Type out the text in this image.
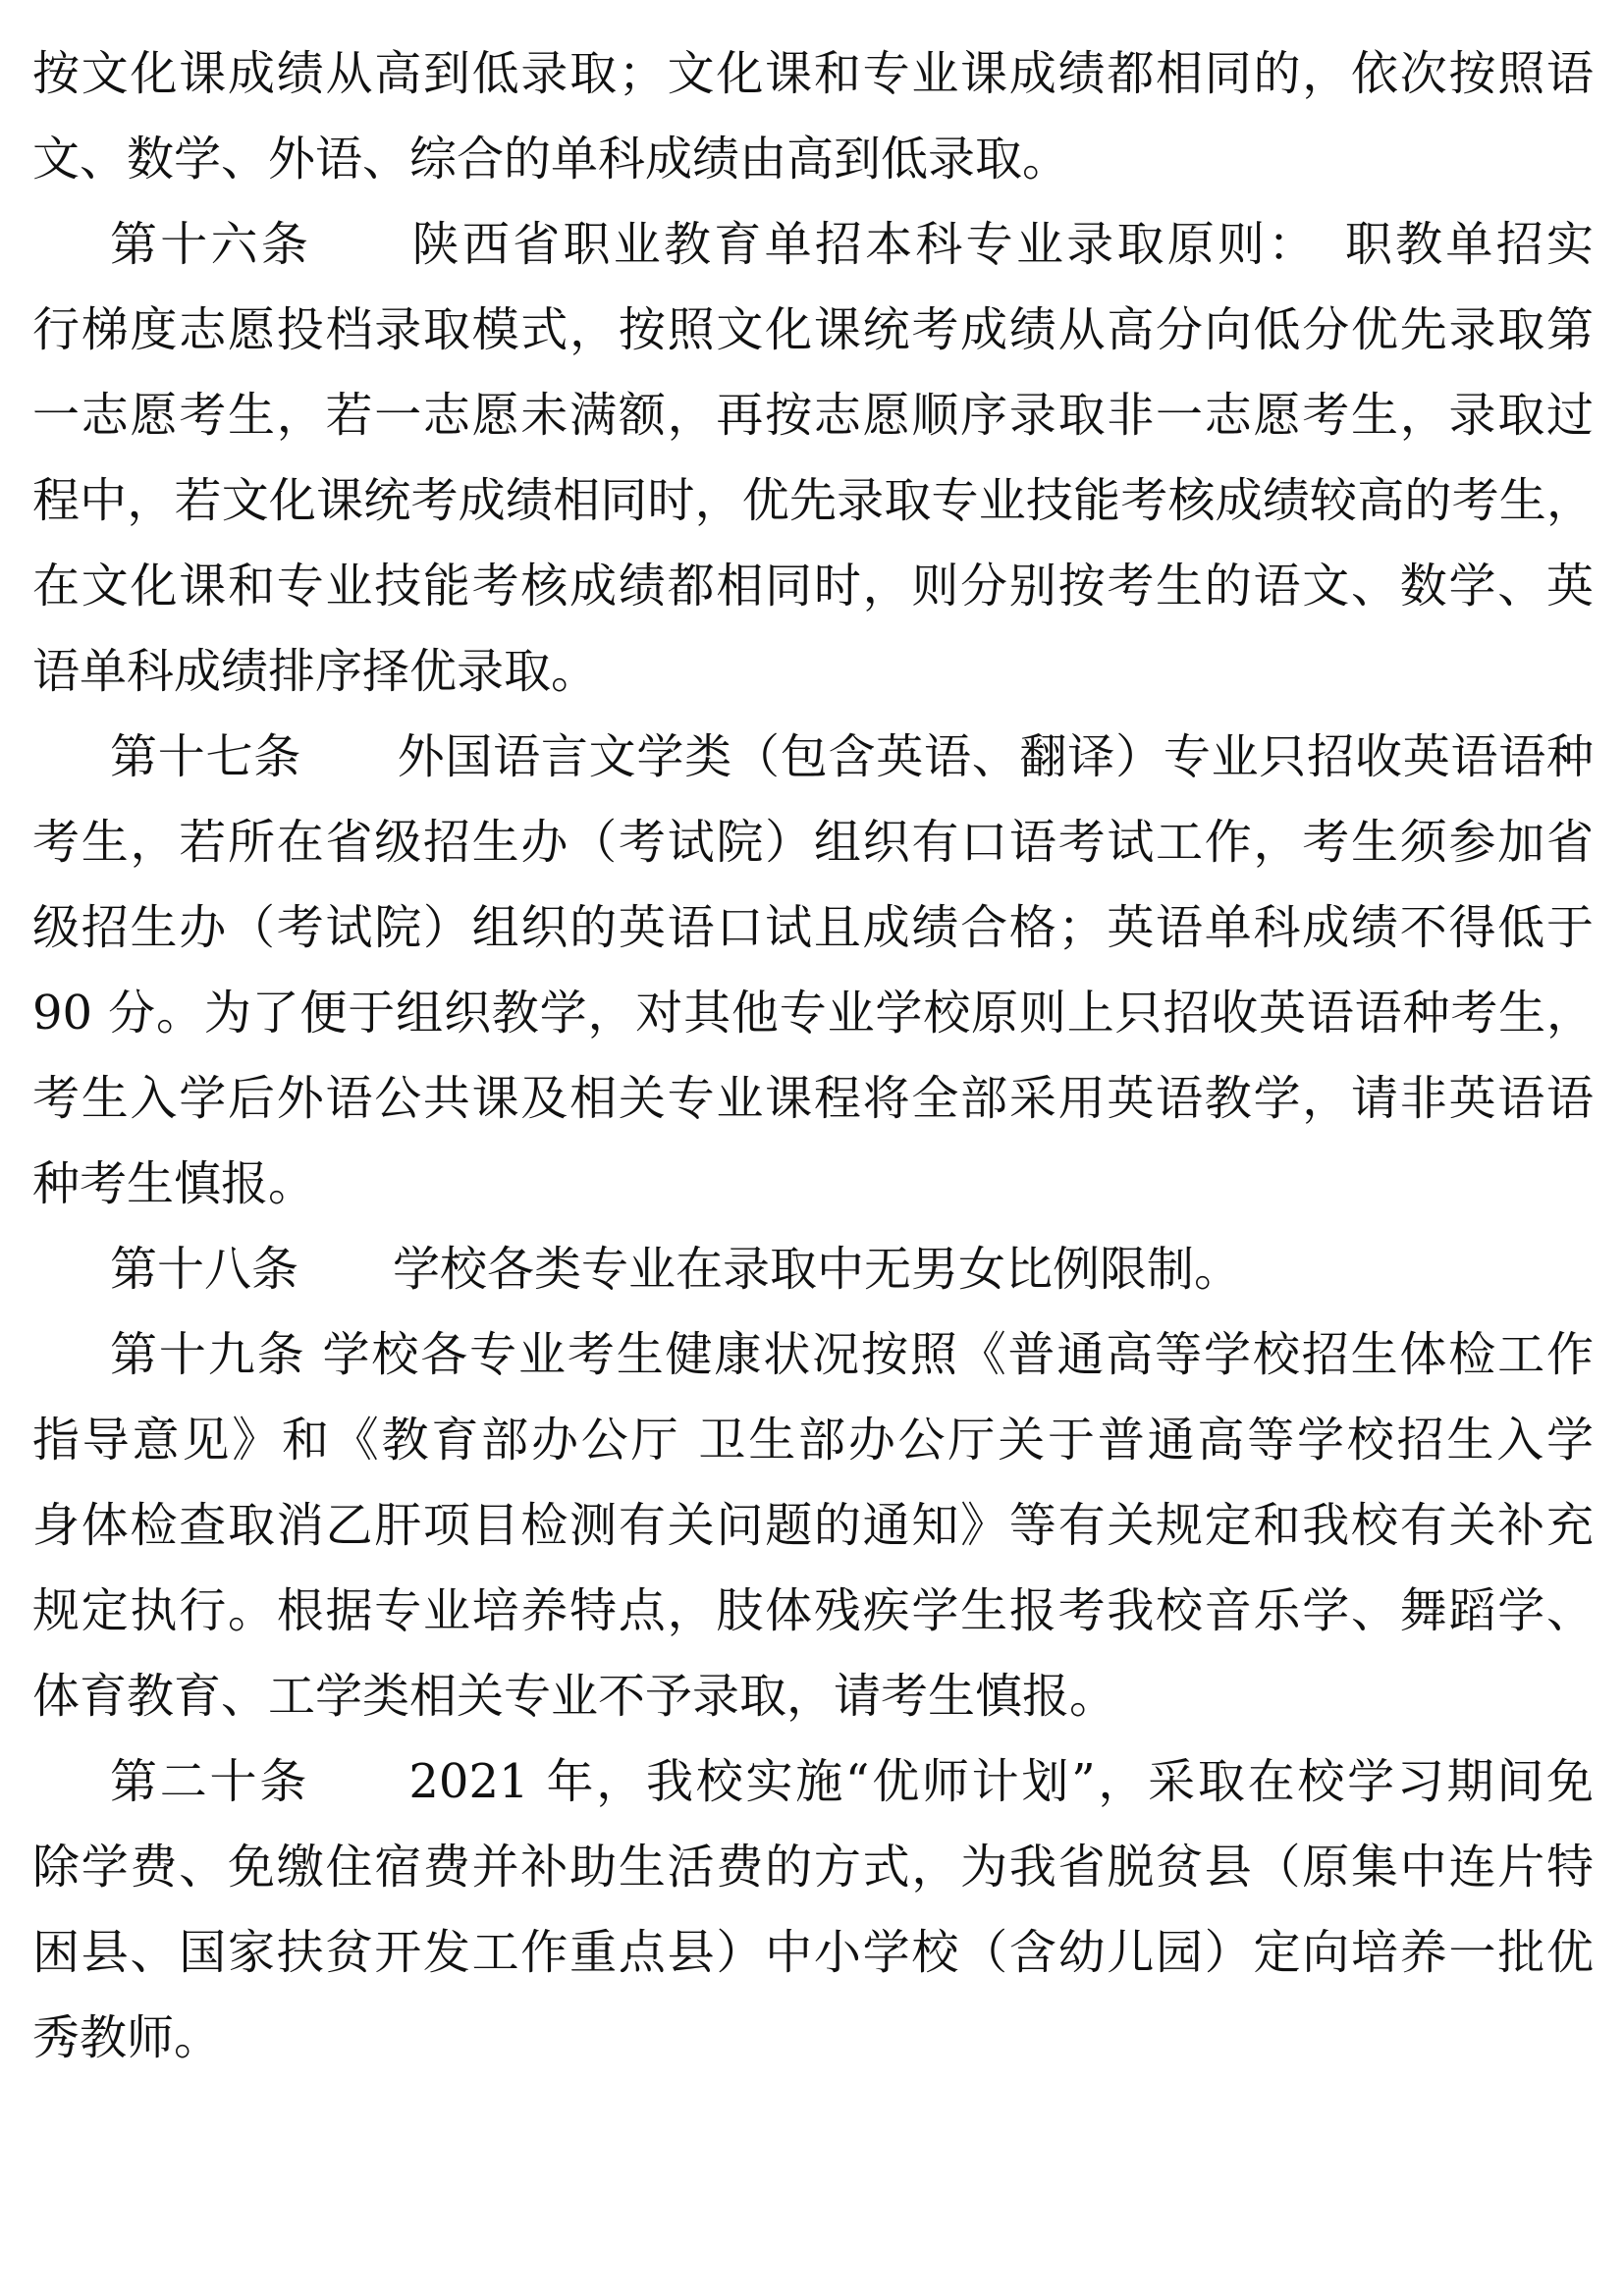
按文化课成绩从高到低录取；文化课和专业课成绩都相同的，依次按照语
文、数学、外语、综合的单科成绩由高到低录取。
第十六条　　陕西省职业教育单招本科专业录取原则：　职教单招实
行梯度志愿投档录取模式，按照文化课统考成绩从高分向低分优先录取第
一志愿考生，若一志愿未满额，再按志愿顺序录取非一志愿考生，录取过
程中，若文化课统考成绩相同时，优先录取专业技能考核成绩较高的考生，
在文化课和专业技能考核成绩都相同时，则分别按考生的语文、数学、英
语单科成绩排序择优录取。
第十七条　　外国语言文学类（包含英语、翻译）专业只招收英语语种
考生，若所在省级招生办（考试院）组织有口语考试工作，考生须参加省
级招生办（考试院）组织的英语口试且成绩合格；英语单科成绩不得低于
90 分。为了便于组织教学，对其他专业学校原则上只招收英语语种考生，
考生入学后外语公共课及相关专业课程将全部采用英语教学，请非英语语
种考生慎报。
第十八条　　学校各类专业在录取中无男女比例限制。
第十九条 学校各专业考生健康状况按照《普通高等学校招生体检工作
指导意见》和《教育部办公厅 卫生部办公厅关于普通高等学校招生入学
身体检查取消乙肝项目检测有关问题的通知》等有关规定和我校有关补充
规定执行。根据专业培养特点，肢体残疾学生报考我校音乐学、舞蹈学、
体育教育、工学类相关专业不予录取，请考生慎报。
第二十条　　2021 年，我校实施“优师计划”，采取在校学习期间免
除学费、免缴住宿费并补助生活费的方式，为我省脱贫县（原集中连片特
困县、国家扶贫开发工作重点县）中小学校（含幼儿园）定向培养一批优
秀教师。
